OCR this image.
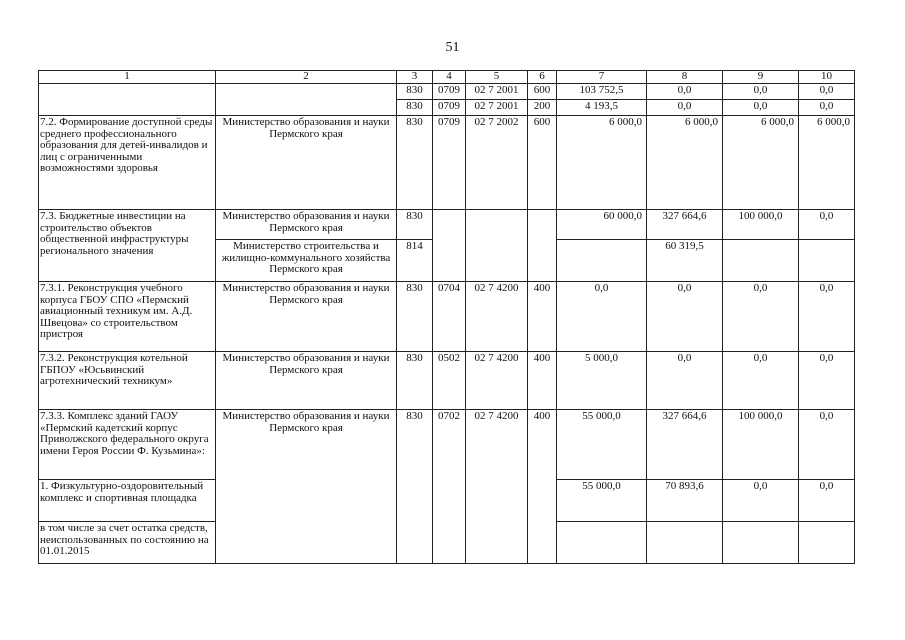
51
1	2	3	4	5	6	7	8	9	10
		830	0709	02 7 2001	600	103 752,5	0,0	0,0	0,0
		830	0709	02 7 2001	200	4 193,5	0,0	0,0	0,0
7.2. Формирование доступной среды среднего профессионального образования для детей-инвалидов и лиц с ограниченными возможностями здоровья	Министерство образования и науки Пермского края	830	0709	02 7 2002	600	6 000,0	6 000,0	6 000,0	6 000,0
7.3. Бюджетные инвестиции на строительство объектов общественной инфраструктуры регионального значения	Министерство образования и науки Пермского края	830				60 000,0	327 664,6	100 000,0	0,0
	Министерство строительства и жилищно-коммунального хозяйства Пермского края	814					60 319,5		
7.3.1. Реконструкция учебного корпуса ГБОУ СПО «Пермский авиационный техникум им. А.Д. Швецова» со строительством пристроя	Министерство образования и науки Пермского края	830	0704	02 7 4200	400	0,0	0,0	0,0	0,0
7.3.2. Реконструкция котельной ГБПОУ «Юсьвинский агротехнический техникум»	Министерство образования и науки Пермского края	830	0502	02 7 4200	400	5 000,0	0,0	0,0	0,0
7.3.3. Комплекс зданий ГАОУ «Пермский кадетский корпус Приволжского федерального округа имени Героя России Ф. Кузьмина»:	Министерство образования и науки Пермского края	830	0702	02 7 4200	400	55 000,0	327 664,6	100 000,0	0,0
1. Физкультурно-оздоровительный комплекс и спортивная площадка						55 000,0	70 893,6	0,0	0,0
в том числе за счет остатка средств, неиспользованных по состоянию на 01.01.2015									
